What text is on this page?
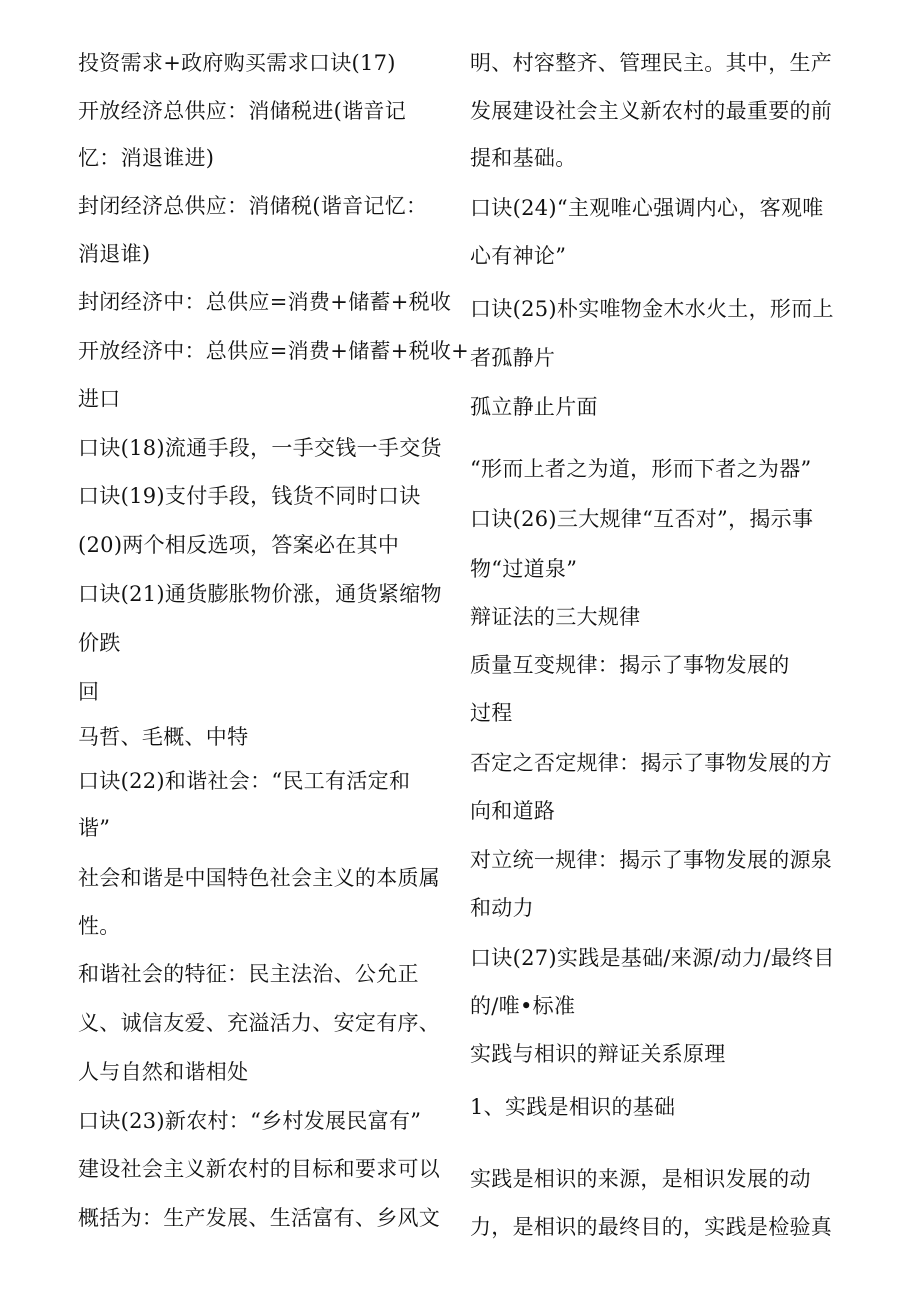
投资需求+政府购买需求口诀(17)
开放经济总供应：消储税进(谐音记
忆：消退谁进)
封闭经济总供应：消储税(谐音记忆：
消退谁)
封闭经济中：总供应=消费+储蓄+税收
开放经济中：总供应=消费+储蓄+税收+
进口
口诀(18)流通手段，一手交钱一手交货
口诀(19)支付手段，钱货不同时口诀
(20)两个相反选项，答案必在其中
口诀(21)通货膨胀物价涨，通货紧缩物
价跌
回
马哲、毛概、中特
口诀(22)和谐社会：“民工有活定和
谐”
社会和谐是中国特色社会主义的本质属
性。
和谐社会的特征：民主法治、公允正
义、诚信友爱、充溢活力、安定有序、
人与自然和谐相处
口诀(23)新农村：“乡村发展民富有”
建设社会主义新农村的目标和要求可以
概括为：生产发展、生活富有、乡风文
明、村容整齐、管理民主。其中，生产
发展建设社会主义新农村的最重要的前
提和基础。
口诀(24)“主观唯心强调内心，客观唯
心有神论”
口诀(25)朴实唯物金木水火土，形而上
者孤静片
孤立静止片面
“形而上者之为道，形而下者之为器”
口诀(26)三大规律“互否对”，揭示事
物“过道泉”
辩证法的三大规律
质量互变规律：揭示了事物发展的
过程
否定之否定规律：揭示了事物发展的方
向和道路
对立统一规律：揭示了事物发展的源泉
和动力
口诀(27)实践是基础/来源/动力/最终目
的/唯•标准
实践与相识的辩证关系原理
1、实践是相识的基础
实践是相识的来源，是相识发展的动
力，是相识的最终目的，实践是检验真
